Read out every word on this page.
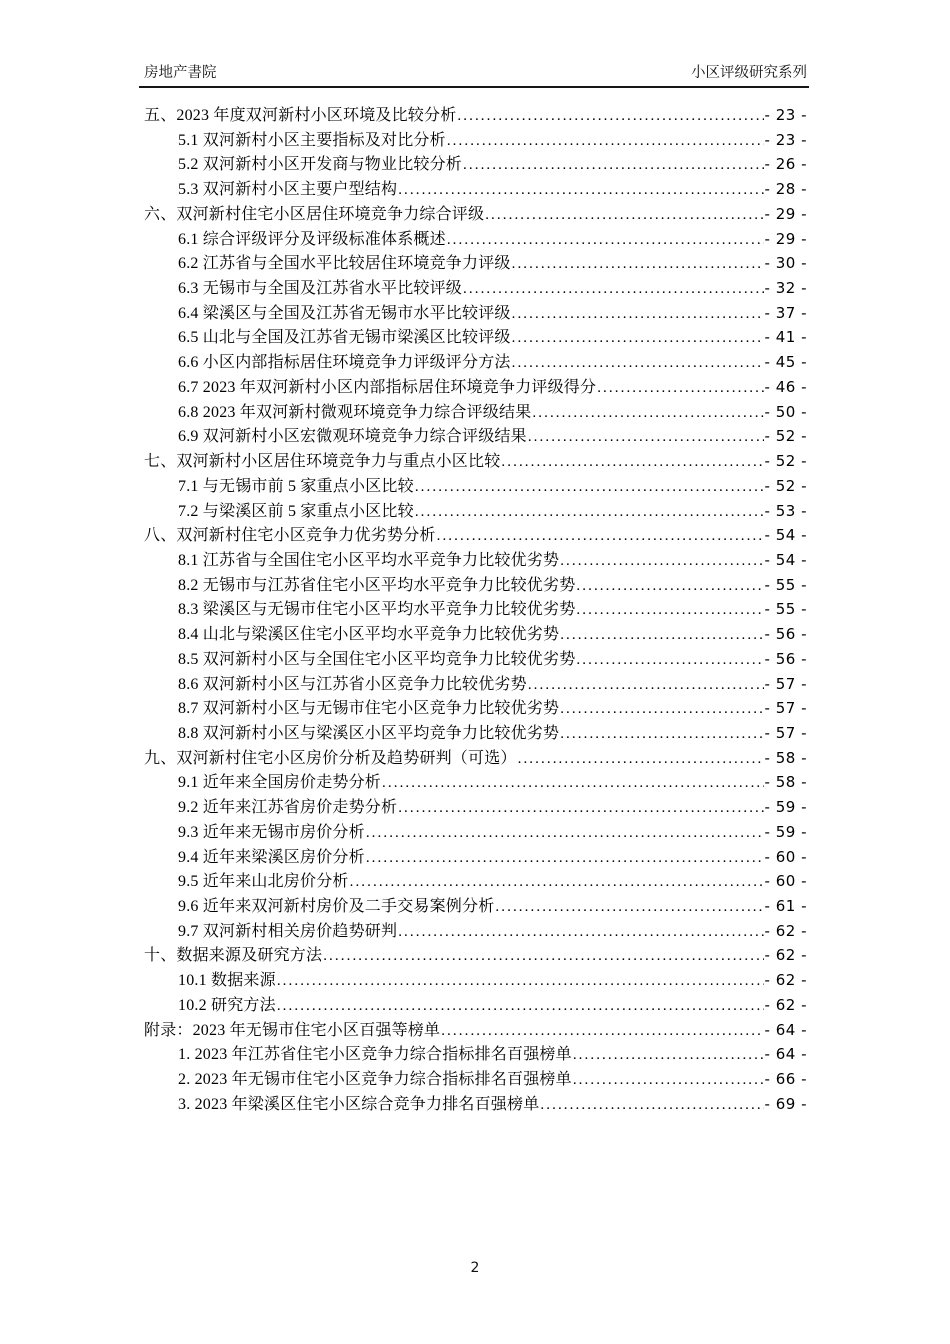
房地产書院	小区评级研究系列
五、2023 年度双河新村小区环境及比较分析 .....	- 23 -
5.1 双河新村小区主要指标及对比分析 .....	- 23 -
5.2 双河新村小区开发商与物业比较分析 .....	- 26 -
5.3 双河新村小区主要户型结构 .....	- 28 -
六、双河新村住宅小区居住环境竞争力综合评级 .....	- 29 -
6.1 综合评级评分及评级标准体系概述 .....	- 29 -
6.2 江苏省与全国水平比较居住环境竞争力评级 .....	- 30 -
6.3 无锡市与全国及江苏省水平比较评级 .....	- 32 -
6.4 梁溪区与全国及江苏省无锡市水平比较评级 .....	- 37 -
6.5 山北与全国及江苏省无锡市梁溪区比较评级 .....	- 41 -
6.6 小区内部指标居住环境竞争力评级评分方法 .....	- 45 -
6.7 2023 年双河新村小区内部指标居住环境竞争力评级得分 .....	- 46 -
6.8 2023 年双河新村微观环境竞争力综合评级结果 .....	- 50 -
6.9 双河新村小区宏微观环境竞争力综合评级结果 .....	- 52 -
七、双河新村小区居住环境竞争力与重点小区比较 .....	- 52 -
7.1 与无锡市前 5 家重点小区比较 .....	- 52 -
7.2 与梁溪区前 5 家重点小区比较 .....	- 53 -
八、双河新村住宅小区竞争力优劣势分析 .....	- 54 -
8.1 江苏省与全国住宅小区平均水平竞争力比较优劣势 .....	- 54 -
8.2 无锡市与江苏省住宅小区平均水平竞争力比较优劣势 .....	- 55 -
8.3 梁溪区与无锡市住宅小区平均水平竞争力比较优劣势 .....	- 55 -
8.4 山北与梁溪区住宅小区平均水平竞争力比较优劣势 .....	- 56 -
8.5 双河新村小区与全国住宅小区平均竞争力比较优劣势 .....	- 56 -
8.6 双河新村小区与江苏省小区竞争力比较优劣势 .....	- 57 -
8.7 双河新村小区与无锡市住宅小区竞争力比较优劣势 .....	- 57 -
8.8 双河新村小区与梁溪区小区平均竞争力比较优劣势 .....	- 57 -
九、双河新村住宅小区房价分析及趋势研判（可选） .....	- 58 -
9.1 近年来全国房价走势分析 .....	- 58 -
9.2 近年来江苏省房价走势分析 .....	- 59 -
9.3 近年来无锡市房价分析 .....	- 59 -
9.4 近年来梁溪区房价分析 .....	- 60 -
9.5 近年来山北房价分析 .....	- 60 -
9.6 近年来双河新村房价及二手交易案例分析 .....	- 61 -
9.7 双河新村相关房价趋势研判 .....	- 62 -
十、数据来源及研究方法 .....	- 62 -
10.1 数据来源 .....	- 62 -
10.2 研究方法 .....	- 62 -
附录：2023 年无锡市住宅小区百强等榜单 .....	- 64 -
1. 2023 年江苏省住宅小区竞争力综合指标排名百强榜单 .....	- 64 -
2. 2023 年无锡市住宅小区竞争力综合指标排名百强榜单 .....	- 66 -
3. 2023 年梁溪区住宅小区综合竞争力排名百强榜单 .....	- 69 -
2
